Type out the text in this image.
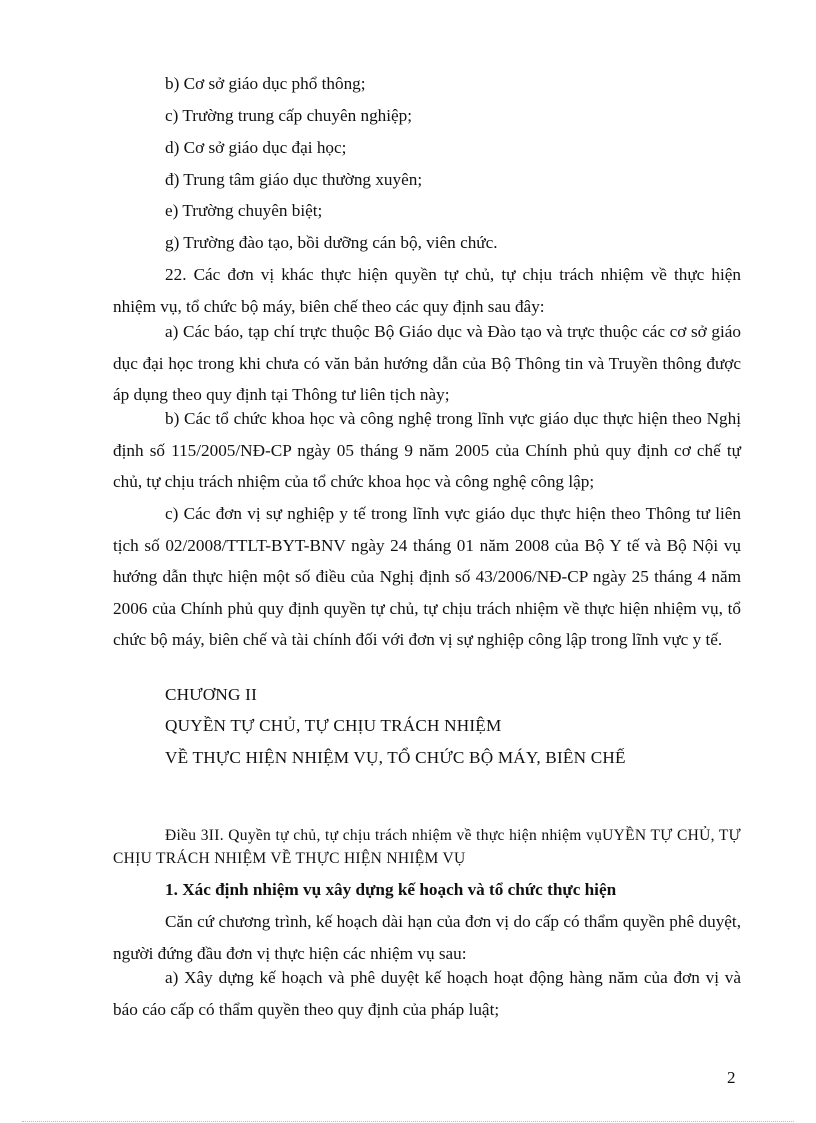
b) Cơ sở giáo dục phổ thông;

c) Trường trung cấp chuyên nghiệp;

d) Cơ sở giáo dục đại học;

đ) Trung tâm giáo dục thường xuyên;

e) Trường chuyên biệt;

g) Trường đào tạo, bồi dưỡng cán bộ, viên chức.

22. Các đơn vị khác thực hiện quyền tự chủ, tự chịu trách nhiệm về thực hiện nhiệm vụ, tổ chức bộ máy, biên chế theo các quy định sau đây:

a) Các báo, tạp chí trực thuộc Bộ Giáo dục và Đào tạo và trực thuộc các cơ sở giáo dục đại học trong khi chưa có văn bản hướng dẫn của Bộ Thông tin và Truyền thông được áp dụng theo quy định tại Thông tư liên tịch này;

b) Các tổ chức khoa học và công nghệ trong lĩnh vực giáo dục thực hiện theo Nghị định số 115/2005/NĐ-CP ngày 05 tháng 9 năm 2005 của Chính phủ quy định cơ chế tự chủ, tự chịu trách nhiệm của tổ chức khoa học và công nghệ công lập;

c) Các đơn vị sự nghiệp y tế trong lĩnh vực giáo dục thực hiện theo Thông tư liên tịch số 02/2008/TTLT-BYT-BNV ngày 24 tháng 01 năm 2008 của Bộ Y tế và Bộ Nội vụ hướng dẫn thực hiện một số điều của Nghị định số 43/2006/NĐ-CP ngày 25 tháng 4 năm 2006 của Chính phủ quy định quyền tự chủ, tự chịu trách nhiệm về thực hiện nhiệm vụ, tổ chức bộ máy, biên chế và tài chính đối với đơn vị sự nghiệp công lập trong lĩnh vực y tế.

CHƯƠNG II

QUYỀN TỰ CHỦ, TỰ CHỊU TRÁCH NHIỆM

VỀ THỰC HIỆN NHIỆM VỤ, TỔ CHỨC BỘ MÁY, BIÊN CHẾ

Điều 3II. Quyền tự chủ, tự chịu trách nhiệm về thực hiện nhiệm vụUYỀN TỰ CHỦ, TỰ CHỊU TRÁCH NHIỆM VỀ THỰC HIỆN NHIỆM VỤ

1. Xác định nhiệm vụ xây dựng kế hoạch và tổ chức thực hiện

Căn cứ chương trình, kế hoạch dài hạn của đơn vị do cấp có thẩm quyền phê duyệt, người đứng đầu đơn vị thực hiện các nhiệm vụ sau:

a) Xây dựng kế hoạch và phê duyệt kế hoạch hoạt động hàng năm của đơn vị và báo cáo cấp có thẩm quyền theo quy định của pháp luật;

2
